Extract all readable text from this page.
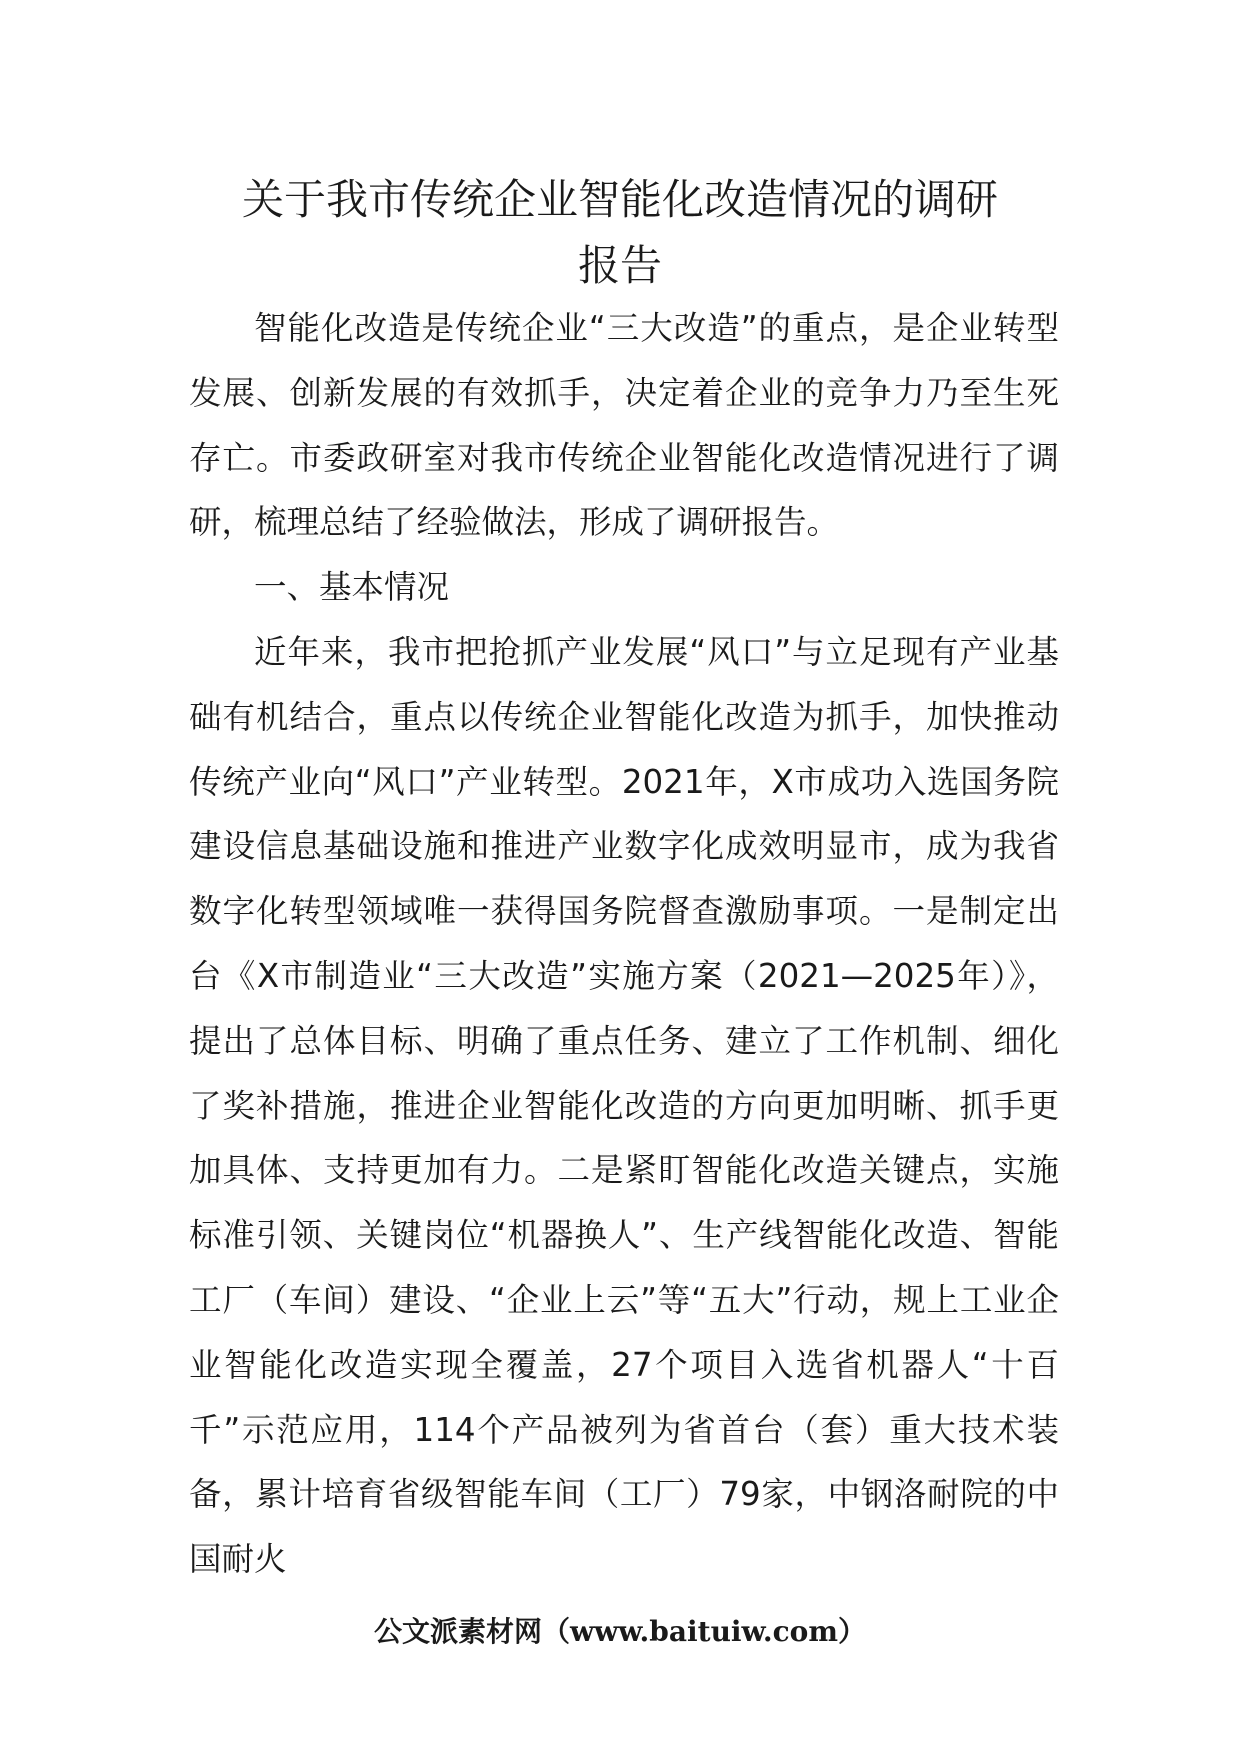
关于我市传统企业智能化改造情况的调研
报告

智能化改造是传统企业“三大改造”的重点，是企业转型发展、创新发展的有效抓手，决定着企业的竞争力乃至生死存亡。市委政研室对我市传统企业智能化改造情况进行了调研，梳理总结了经验做法，形成了调研报告。

一、基本情况

近年来，我市把抢抓产业发展“风口”与立足现有产业基础有机结合，重点以传统企业智能化改造为抓手，加快推动传统产业向“风口”产业转型。2021年，X市成功入选国务院建设信息基础设施和推进产业数字化成效明显市，成为我省数字化转型领域唯一获得国务院督查激励事项。一是制定出台《X市制造业“三大改造”实施方案（2021—2025年）》，提出了总体目标、明确了重点任务、建立了工作机制、细化了奖补措施，推进企业智能化改造的方向更加明晰、抓手更加具体、支持更加有力。二是紧盯智能化改造关键点，实施标准引领、关键岗位“机器换人”、生产线智能化改造、智能工厂（车间）建设、“企业上云”等“五大”行动，规上工业企业智能化改造实现全覆盖，27个项目入选省机器人“十百千”示范应用，114个产品被列为省首台（套）重大技术装备，累计培育省级智能车间（工厂）79家，中钢洛耐院的中国耐火

公文派素材网（www.baituiw.com）
